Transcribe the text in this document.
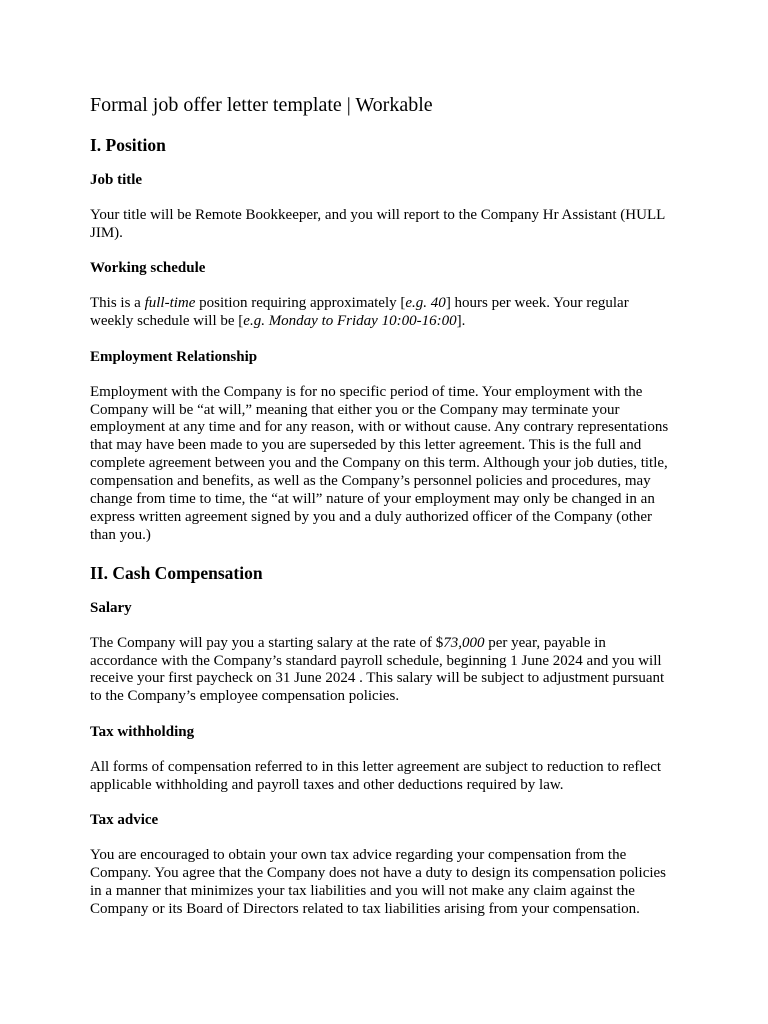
Formal job offer letter template | Workable
I. Position
Job title
Your title will be Remote Bookkeeper, and you will report to the Company Hr Assistant (HULL JIM).
Working schedule
This is a full-time position requiring approximately [e.g. 40] hours per week. Your regular weekly schedule will be [e.g. Monday to Friday 10:00-16:00].
Employment Relationship
Employment with the Company is for no specific period of time. Your employment with the Company will be “at will,” meaning that either you or the Company may terminate your employment at any time and for any reason, with or without cause. Any contrary representations that may have been made to you are superseded by this letter agreement. This is the full and complete agreement between you and the Company on this term. Although your job duties, title, compensation and benefits, as well as the Company’s personnel policies and procedures, may change from time to time, the “at will” nature of your employment may only be changed in an express written agreement signed by you and a duly authorized officer of the Company (other than you.)
II. Cash Compensation
Salary
The Company will pay you a starting salary at the rate of $73,000 per year, payable in accordance with the Company’s standard payroll schedule, beginning 1 June 2024 and you will receive your first paycheck on 31 June 2024 . This salary will be subject to adjustment pursuant to the Company’s employee compensation policies.
Tax withholding
All forms of compensation referred to in this letter agreement are subject to reduction to reflect applicable withholding and payroll taxes and other deductions required by law.
Tax advice
You are encouraged to obtain your own tax advice regarding your compensation from the Company. You agree that the Company does not have a duty to design its compensation policies in a manner that minimizes your tax liabilities and you will not make any claim against the Company or its Board of Directors related to tax liabilities arising from your compensation.
